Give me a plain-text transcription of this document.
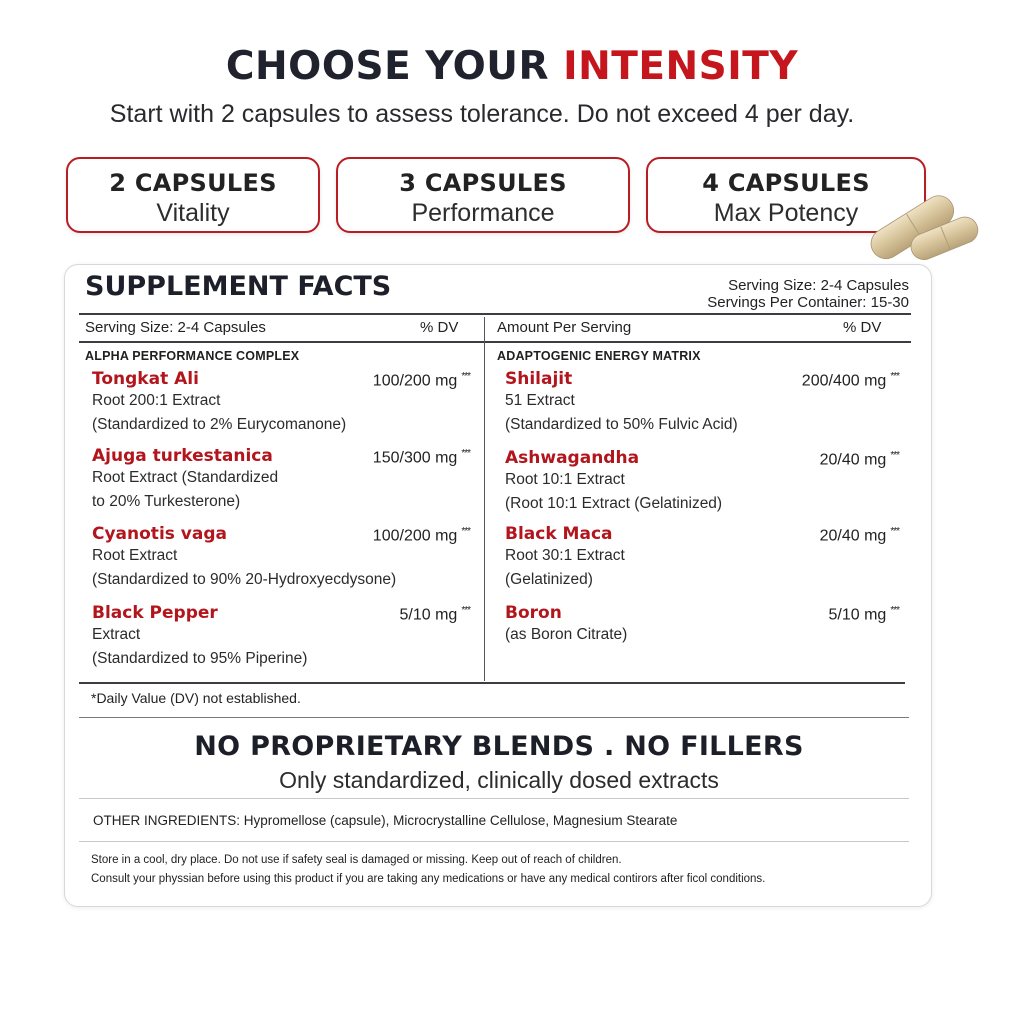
CHOOSE YOUR INTENSITY
Start with 2 capsules to assess tolerance. Do not exceed 4 per day.
2 CAPSULES
Vitality
3 CAPSULES
Performance
4 CAPSULES
Max Potency
SUPPLEMENT FACTS	Serving Size: 2-4 Capsules
Servings Per Container: 15-30
Serving Size: 2-4 Capsules	% DV	Amount Per Serving	% DV
ALPHA PERFORMANCE COMPLEX	ADAPTOGENIC ENERGY MATRIX
Tongkat Ali	100/200 mg ***
Root 200:1 Extract
(Standardized to 2% Eurycomanone)
Ajuga turkestanica	150/300 mg ***
Root Extract (Standardized
to 20% Turkesterone)
Cyanotis vaga	100/200 mg ***
Root Extract
(Standardized to 90% 20-Hydroxyecdysone)
Black Pepper	5/10 mg ***
Extract
(Standardized to 95% Piperine)
Shilajit	200/400 mg ***
51 Extract
(Standardized to 50% Fulvic Acid)
Ashwagandha	20/40 mg ***
Root 10:1 Extract
(Root 10:1 Extract (Gelatinized)
Black Maca	20/40 mg ***
Root 30:1 Extract
(Gelatinized)
Boron	5/10 mg ***
(as Boron Citrate)
*Daily Value (DV) not established.
NO PROPRIETARY BLENDS . NO FILLERS
Only standardized, clinically dosed extracts
OTHER INGREDIENTS: Hypromellose (capsule), Microcrystalline Cellulose, Magnesium Stearate
Store in a cool, dry place. Do not use if safety seal is damaged or missing. Keep out of reach of children.
Consult your physsian before using this product if you are taking any medications or have any medical contirors after ficol conditions.
